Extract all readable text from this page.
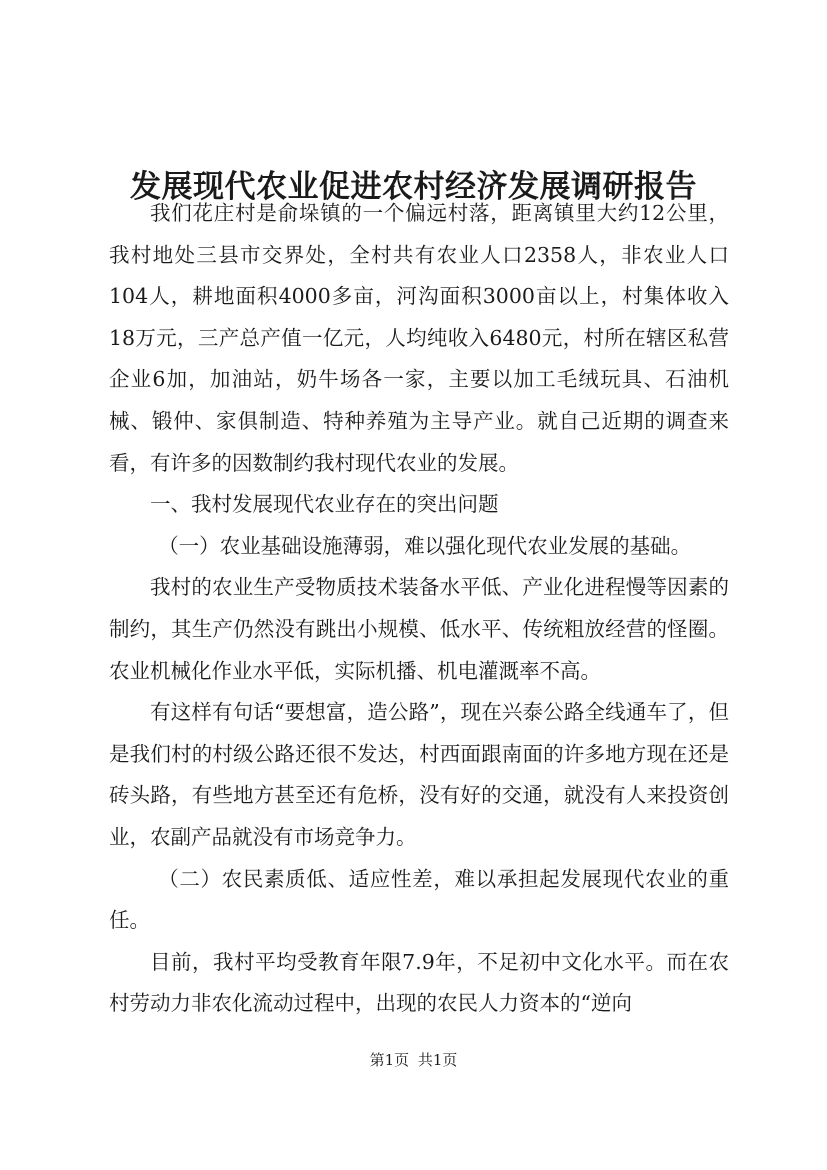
发展现代农业促进农村经济发展调研报告

我们花庄村是俞垛镇的一个偏远村落，距离镇里大约12公里，我村地处三县市交界处，全村共有农业人口2358人，非农业人口104人，耕地面积4000多亩，河沟面积3000亩以上，村集体收入18万元，三产总产值一亿元，人均纯收入6480元，村所在辖区私营企业6加，加油站，奶牛场各一家，主要以加工毛绒玩具、石油机械、锻仲、家俱制造、特种养殖为主导产业。就自己近期的调查来看，有许多的因数制约我村现代农业的发展。

一、我村发展现代农业存在的突出问题

（一）农业基础设施薄弱，难以强化现代农业发展的基础。

我村的农业生产受物质技术装备水平低、产业化进程慢等因素的制约，其生产仍然没有跳出小规模、低水平、传统粗放经营的怪圈。农业机械化作业水平低，实际机播、机电灌溉率不高。

有这样有句话“要想富，造公路”，现在兴泰公路全线通车了，但是我们村的村级公路还很不发达，村西面跟南面的许多地方现在还是砖头路，有些地方甚至还有危桥，没有好的交通，就没有人来投资创业，农副产品就没有市场竞争力。

（二）农民素质低、适应性差，难以承担起发展现代农业的重任。

目前，我村平均受教育年限7.9年，不足初中文化水平。而在农村劳动力非农化流动过程中，出现的农民人力资本的“逆向

第1页 共1页
